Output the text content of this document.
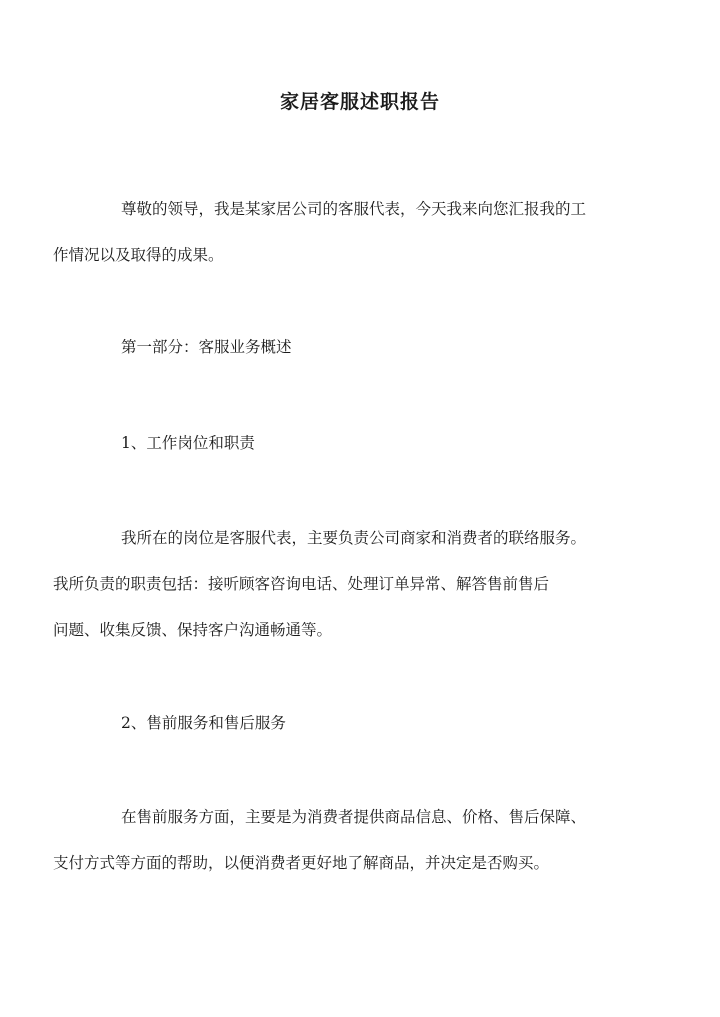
家居客服述职报告

尊敬的领导，我是某家居公司的客服代表，今天我来向您汇报我的工
作情况以及取得的成果。

第一部分：客服业务概述

1、工作岗位和职责

我所在的岗位是客服代表，主要负责公司商家和消费者的联络服务。
我所负责的职责包括：接听顾客咨询电话、处理订单异常、解答售前售后
问题、收集反馈、保持客户沟通畅通等。

2、售前服务和售后服务

在售前服务方面，主要是为消费者提供商品信息、价格、售后保障、
支付方式等方面的帮助，以便消费者更好地了解商品，并决定是否购买。
